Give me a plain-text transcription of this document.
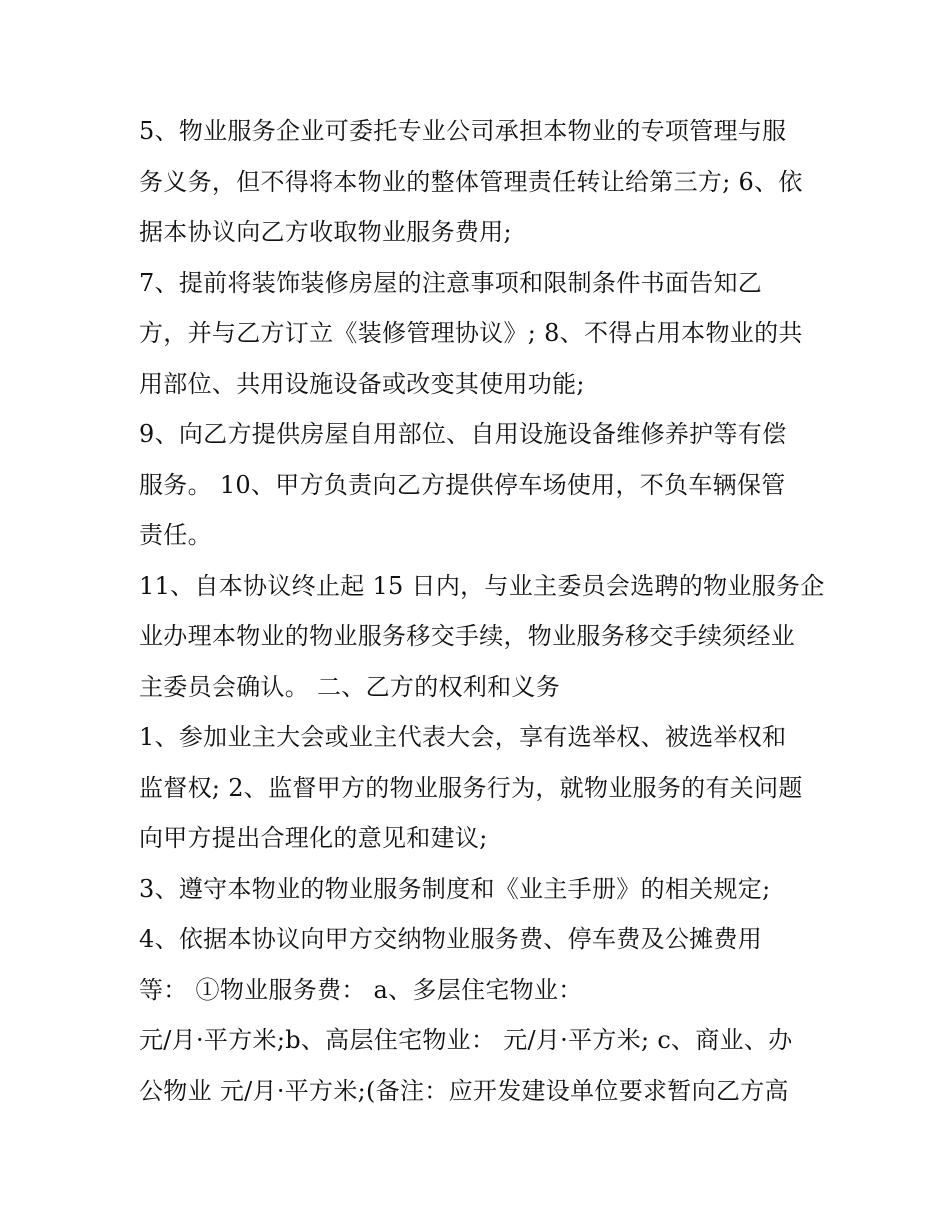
5、物业服务企业可委托专业公司承担本物业的专项管理与服
务义务，但不得将本物业的整体管理责任转让给第三方; 6、依
据本协议向乙方收取物业服务费用;
7、提前将装饰装修房屋的注意事项和限制条件书面告知乙
方，并与乙方订立《装修管理协议》; 8、不得占用本物业的共
用部位、共用设施设备或改变其使用功能;
9、向乙方提供房屋自用部位、自用设施设备维修养护等有偿
服务。 10、甲方负责向乙方提供停车场使用，不负车辆保管
责任。
11、自本协议终止起 15 日内，与业主委员会选聘的物业服务企
业办理本物业的物业服务移交手续，物业服务移交手续须经业
主委员会确认。 二、乙方的权利和义务
1、参加业主大会或业主代表大会，享有选举权、被选举权和
监督权; 2、监督甲方的物业服务行为，就物业服务的有关问题
向甲方提出合理化的意见和建议;
3、遵守本物业的物业服务制度和《业主手册》的相关规定;
4、依据本协议向甲方交纳物业服务费、停车费及公摊费用
等： ①物业服务费： a、多层住宅物业：
元/月·平方米;b、高层住宅物业： 元/月·平方米; c、商业、办
公物业 元/月·平方米;(备注：应开发建设单位要求暂向乙方高
